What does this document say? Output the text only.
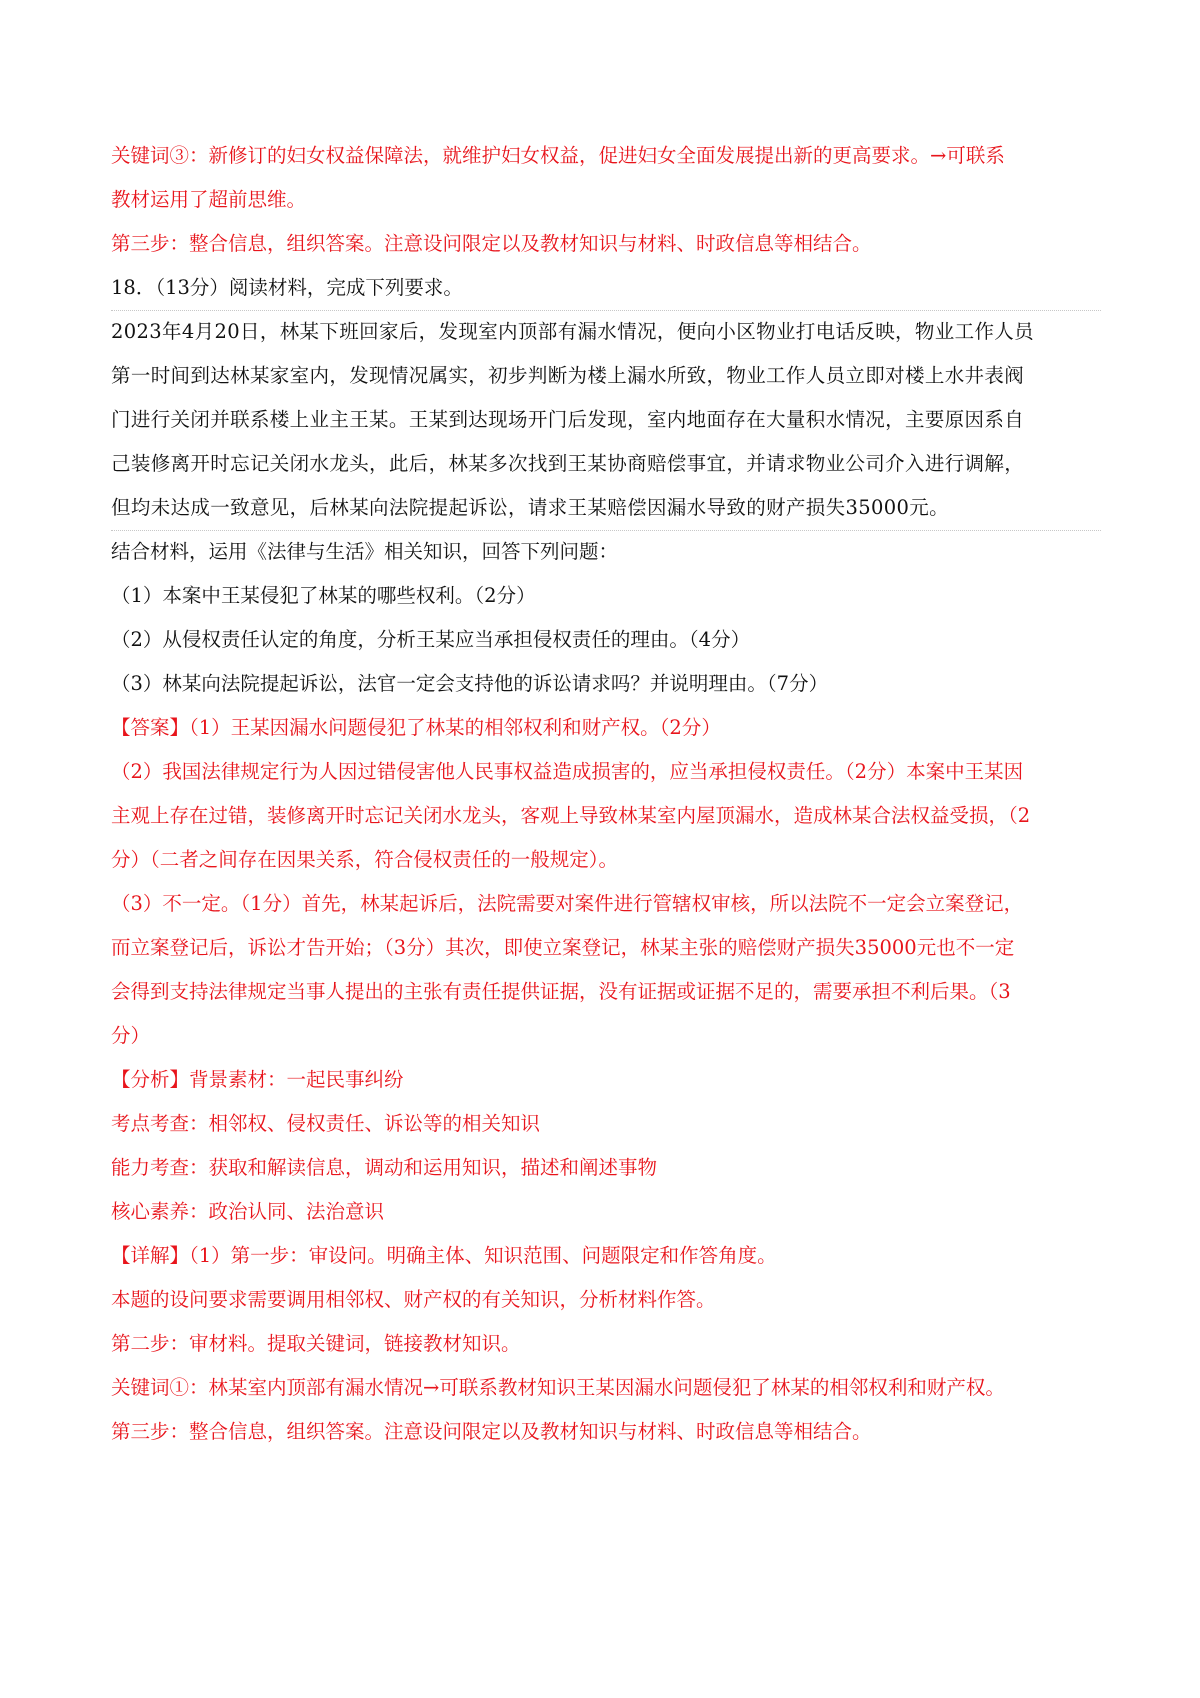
关键词③：新修订的妇女权益保障法，就维护妇女权益，促进妇女全面发展提出新的更高要求。→可联系
教材运用了超前思维。
第三步：整合信息，组织答案。注意设问限定以及教材知识与材料、时政信息等相结合。
18．（13分）阅读材料，完成下列要求。
2023年4月20日，林某下班回家后，发现室内顶部有漏水情况，便向小区物业打电话反映，物业工作人员
第一时间到达林某家室内，发现情况属实，初步判断为楼上漏水所致，物业工作人员立即对楼上水井表阀
门进行关闭并联系楼上业主王某。王某到达现场开门后发现，室内地面存在大量积水情况，主要原因系自
己装修离开时忘记关闭水龙头，此后，林某多次找到王某协商赔偿事宜，并请求物业公司介入进行调解，
但均未达成一致意见，后林某向法院提起诉讼，请求王某赔偿因漏水导致的财产损失35000元。
结合材料，运用《法律与生活》相关知识，回答下列问题：
（1）本案中王某侵犯了林某的哪些权利。（2分）
（2）从侵权责任认定的角度，分析王某应当承担侵权责任的理由。（4分）
（3）林某向法院提起诉讼，法官一定会支持他的诉讼请求吗？并说明理由。（7分）
【答案】（1）王某因漏水问题侵犯了林某的相邻权利和财产权。（2分）
（2）我国法律规定行为人因过错侵害他人民事权益造成损害的，应当承担侵权责任。（2分）本案中王某因
主观上存在过错，装修离开时忘记关闭水龙头，客观上导致林某室内屋顶漏水，造成林某合法权益受损，（2
分）（二者之间存在因果关系，符合侵权责任的一般规定）。
（3）不一定。（1分）首先，林某起诉后，法院需要对案件进行管辖权审核，所以法院不一定会立案登记，
而立案登记后，诉讼才告开始；（3分）其次，即使立案登记，林某主张的赔偿财产损失35000元也不一定
会得到支持法律规定当事人提出的主张有责任提供证据，没有证据或证据不足的，需要承担不利后果。（3
分）
【分析】背景素材：一起民事纠纷
考点考查：相邻权、侵权责任、诉讼等的相关知识
能力考查：获取和解读信息，调动和运用知识，描述和阐述事物
核心素养：政治认同、法治意识
【详解】（1）第一步：审设问。明确主体、知识范围、问题限定和作答角度。
本题的设问要求需要调用相邻权、财产权的有关知识，分析材料作答。
第二步：审材料。提取关键词，链接教材知识。
关键词①：林某室内顶部有漏水情况→可联系教材知识王某因漏水问题侵犯了林某的相邻权利和财产权。
第三步：整合信息，组织答案。注意设问限定以及教材知识与材料、时政信息等相结合。
